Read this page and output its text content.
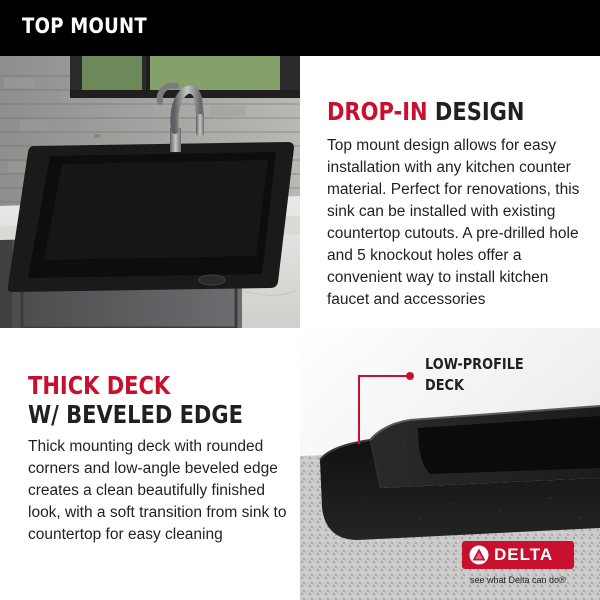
TOP MOUNT
DROP-IN DESIGN

Top mount design allows for easy installation with any kitchen counter material. Perfect for renovations, this sink can be installed with existing countertop cutouts. A pre-drilled hole and 5 knockout holes offer a convenient way to install kitchen faucet and accessories

THICK DECK
W/ BEVELED EDGE

Thick mounting deck with rounded corners and low-angle beveled edge creates a clean beautifully finished look, with a soft transition from sink to countertop for easy cleaning

LOW-PROFILE
DECK
DELTA
see what Delta can do®
